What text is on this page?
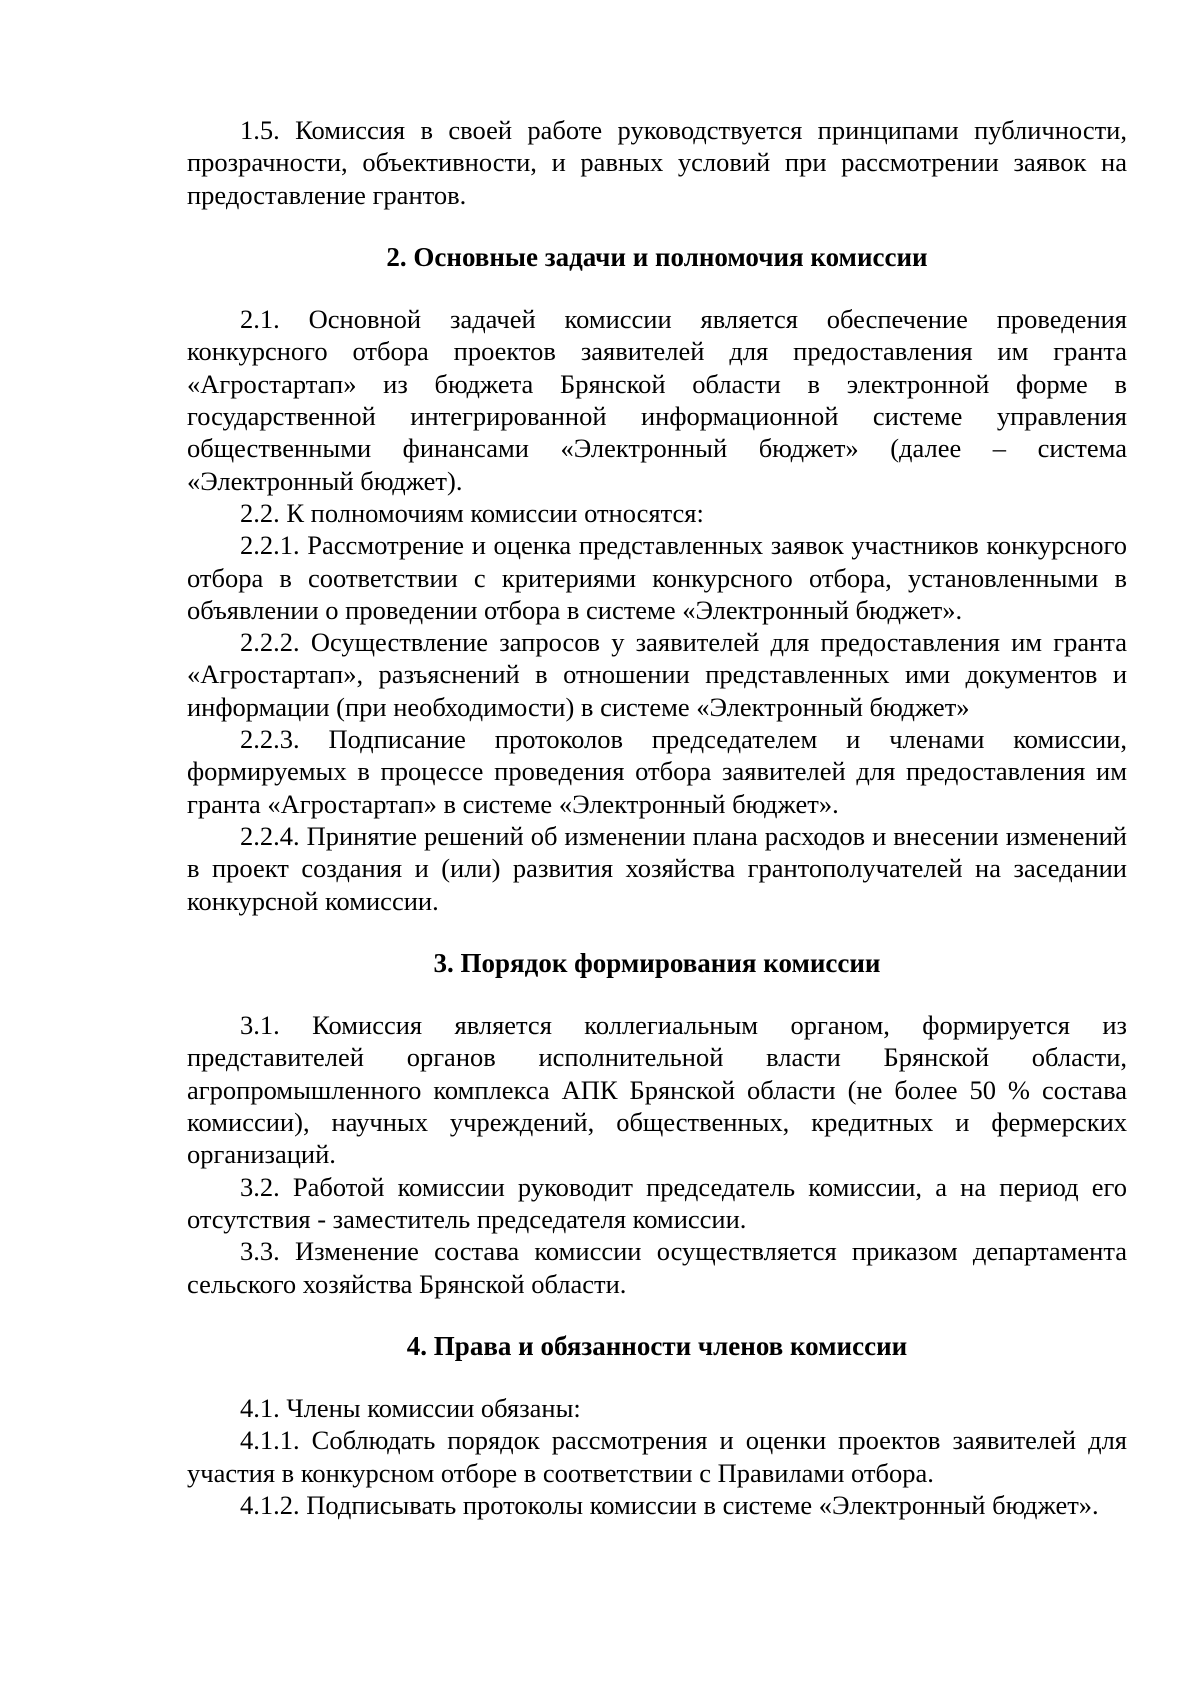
1.5. Комиссия в своей работе руководствуется принципами публичности, прозрачности, объективности, и равных условий при рассмотрении заявок на предоставление грантов.

2. Основные задачи и полномочия комиссии

2.1. Основной задачей комиссии является обеспечение проведения конкурсного отбора проектов заявителей для предоставления им гранта «Агростартап» из бюджета Брянской области в электронной форме в государственной интегрированной информационной системе управления общественными финансами «Электронный бюджет» (далее – система «Электронный бюджет).

2.2. К полномочиям комиссии относятся:

2.2.1. Рассмотрение и оценка представленных заявок участников конкурсного отбора в соответствии с критериями конкурсного отбора, установленными в объявлении о проведении отбора в системе «Электронный бюджет».

2.2.2. Осуществление запросов у заявителей для предоставления им гранта «Агростартап», разъяснений в отношении представленных ими документов и информации (при необходимости) в системе «Электронный бюджет»

2.2.3. Подписание протоколов председателем и членами комиссии, формируемых в процессе проведения отбора заявителей для предоставления им гранта «Агростартап» в системе «Электронный бюджет».

2.2.4. Принятие решений об изменении плана расходов и внесении изменений в проект создания и (или) развития хозяйства грантополучателей на заседании конкурсной комиссии.

3. Порядок формирования комиссии

3.1. Комиссия является коллегиальным органом, формируется из представителей органов исполнительной власти Брянской области, агропромышленного комплекса АПК Брянской области (не более 50 % состава комиссии), научных учреждений, общественных, кредитных и фермерских организаций.

3.2. Работой комиссии руководит председатель комиссии, а на период его отсутствия - заместитель председателя комиссии.

3.3. Изменение состава комиссии осуществляется приказом департамента сельского хозяйства Брянской области.

4. Права и обязанности членов комиссии

4.1. Члены комиссии обязаны:

4.1.1. Соблюдать порядок рассмотрения и оценки проектов заявителей для участия в конкурсном отборе в соответствии с Правилами отбора.

4.1.2. Подписывать протоколы комиссии в системе «Электронный бюджет».
